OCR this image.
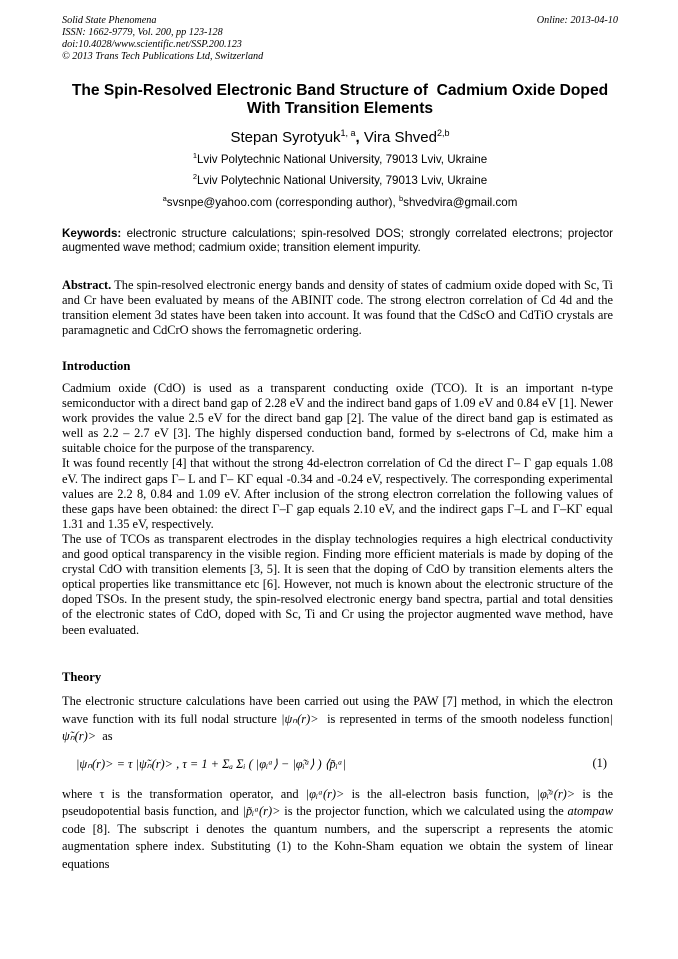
Solid State Phenomena
ISSN: 1662-9779, Vol. 200, pp 123-128
doi:10.4028/www.scientific.net/SSP.200.123
© 2013 Trans Tech Publications Ltd, Switzerland
Online: 2013-04-10
The Spin-Resolved Electronic Band Structure of  Cadmium Oxide Doped
With Transition Elements
Stepan Syrotyuk$^{1, a}$, Vira Shved$^{2,b}$
$^1$Lviv Polytechnic National University, 79013 Lviv, Ukraine
$^2$Lviv Polytechnic National University, 79013 Lviv, Ukraine
$^a$svsnpe@yahoo.com (corresponding author), $^b$shvedvira@gmail.com
Keywords: electronic structure calculations; spin-resolved DOS; strongly correlated electrons; projector augmented wave method; cadmium oxide; transition element impurity.

Abstract. The spin-resolved electronic energy bands and density of states of cadmium oxide doped with Sc, Ti and Cr have been evaluated by means of the ABINIT code. The strong electron correlation of Cd 4d and the transition element 3d states have been taken into account. It was found that the CdScO and CdTiO crystals are paramagnetic and CdCrO shows the ferromagnetic ordering.

Introduction

Cadmium oxide (CdO) is used as a transparent conducting oxide (TCO). It is an important n-type semiconductor with a direct band gap of 2.28 eV and the indirect band gaps of 1.09 eV and 0.84 eV [1]. Newer work provides the value 2.5 eV for the direct band gap [2]. The value of the direct band gap is estimated as well as 2.2 – 2.7 eV [3]. The highly dispersed conduction band, formed by s-electrons of Cd, make him a suitable choice for the purpose of the transparency.

It was found recently [4] that without the strong 4d-electron correlation of Cd the direct Γ– Γ gap equals 1.08 eV. The indirect gaps Γ– L and Γ– KΓ equal -0.34 and -0.24 eV, respectively. The corresponding experimental values are 2.2 8, 0.84 and 1.09 eV. After inclusion of the strong electron correlation the following values of these gaps have been obtained: the direct Γ–Γ gap equals 2.10 eV, and the indirect gaps Γ–L and Γ–KΓ equal 1.31 and 1.35 eV, respectively.

The use of TCOs as transparent electrodes in the display technologies requires a high electrical conductivity and good optical transparency in the visible region. Finding more efficient materials is made by doping of the crystal CdO with transition elements [3, 5]. It is seen that the doping of CdO by transition elements alters the optical properties like transmittance etc [6]. However, not much is known about the electronic structure of the doped TSOs. In the present study, the spin-resolved electronic energy band spectra, partial and total densities of the electronic states of CdO, doped with Sc, Ti and Cr using the projector augmented wave method, have been evaluated.

Theory

The electronic structure calculations have been carried out using the PAW [7] method, in which the electron wave function with its full nodal structure |ψₙ(r)>  is represented in terms of the smooth nodeless function|ψ̃ₙ(r)>  as

|ψₙ(r)> = τ |ψ̃ₙ(r)> , τ = 1 + Σₐ Σᵢ ( |φᵢᵃ⟩ − |φ̃ᵢᵃ⟩ ) ⟨p̃ᵢᵃ|	(1)

where τ is the transformation operator, and |φᵢᵃ(r)> is the all-electron basis function, |φ̃ᵢᵃ(r)> is the pseudopotential basis function, and |p̃ᵢᵃ(r)> is the projector function, which we calculated using the atompaw code [8]. The subscript i denotes the quantum numbers, and the superscript a represents the atomic augmentation sphere index. Substituting (1) to the Kohn-Sham equation we obtain the system of linear equations
